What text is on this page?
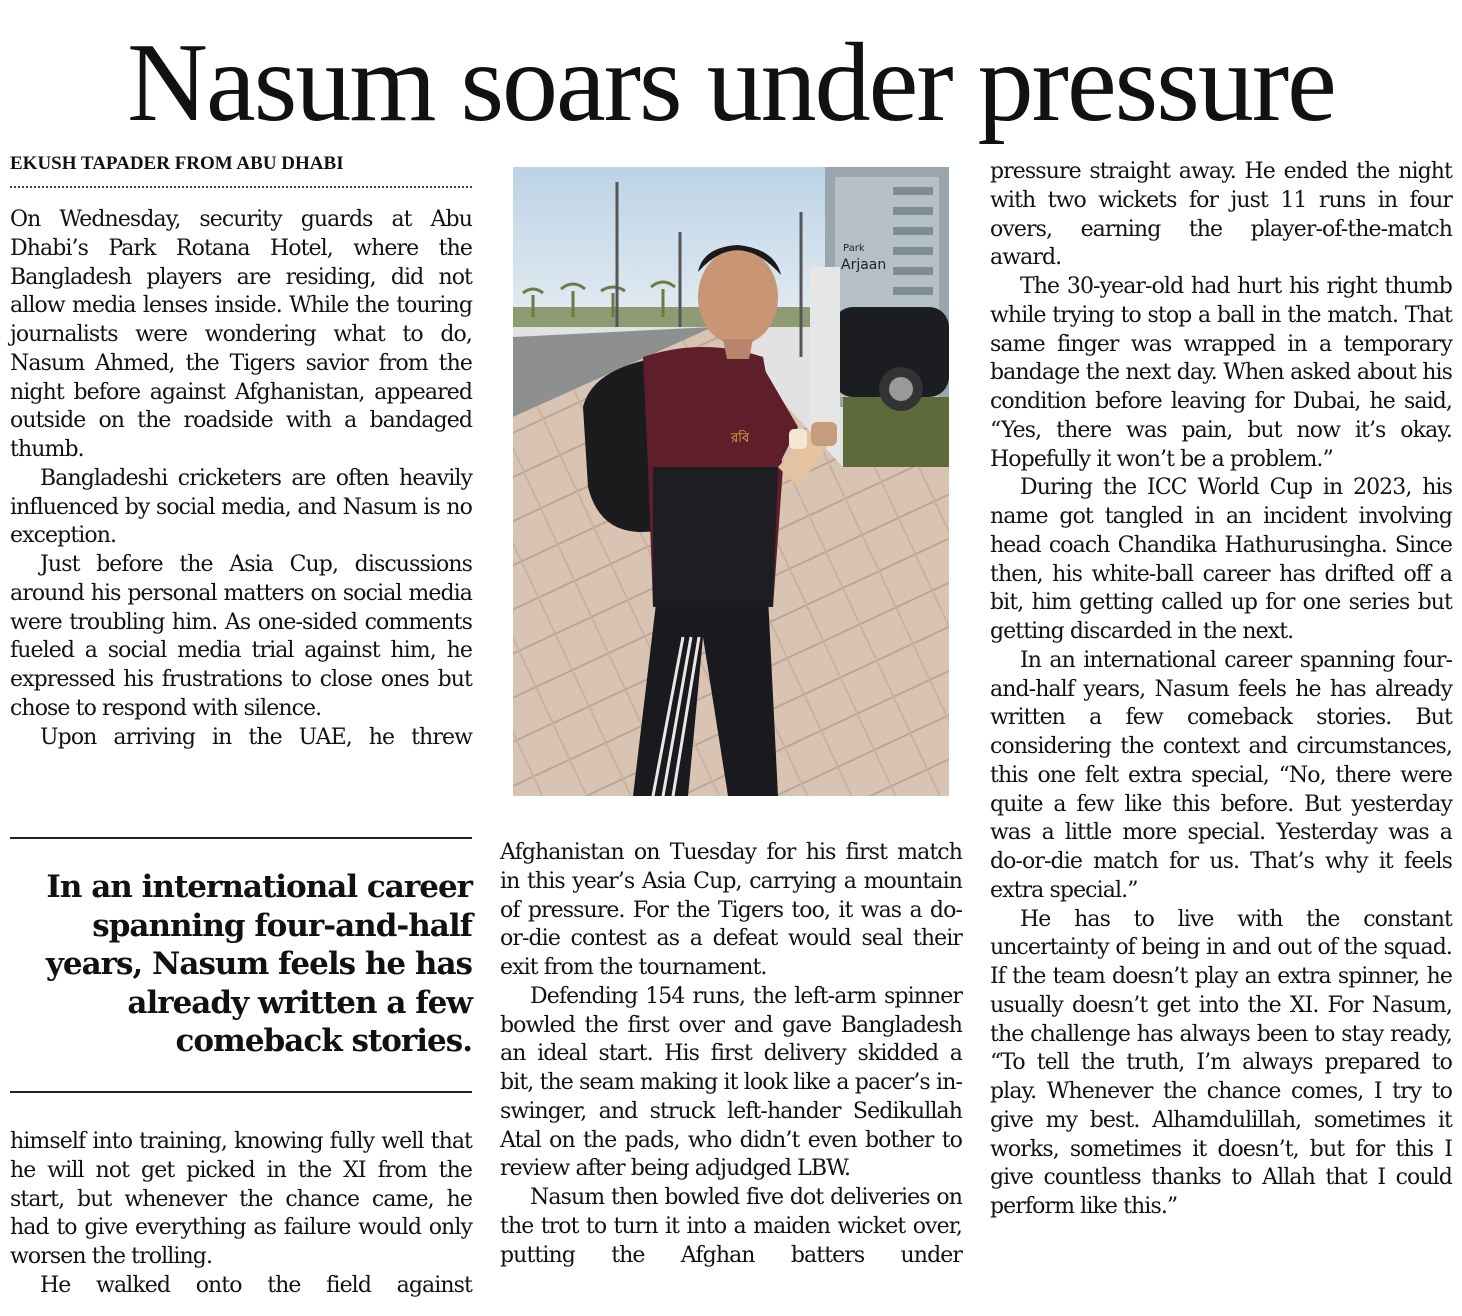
Nasum soars under pressure
EKUSH TAPADER FROM ABU DHABI

On Wednesday, security guards at Abu Dhabi’s Park Rotana Hotel, where the Bangladesh players are residing, did not allow media lenses inside. While the touring journalists were wondering what to do, Nasum Ahmed, the Tigers savior from the night before against Afghanistan, appeared outside on the roadside with a bandaged thumb.

Bangladeshi cricketers are often heavily influenced by social media, and Nasum is no exception.

Just before the Asia Cup, discussions around his personal matters on social media were troubling him. As one-sided comments fueled a social media trial against him, he expressed his frustrations to close ones but chose to respond with silence.

Upon arriving in the UAE, he threw

In an international career spanning four-and-half years, Nasum feels he has already written a few comeback stories.

himself into training, knowing fully well that he will not get picked in the XI from the start, but whenever the chance came, he had to give everything as failure would only worsen the trolling.

He walked onto the field against

Afghanistan on Tuesday for his first match in this year’s Asia Cup, carrying a mountain of pressure. For the Tigers too, it was a do-or-die contest as a defeat would seal their exit from the tournament.

Defending 154 runs, the left-arm spinner bowled the first over and gave Bangladesh an ideal start. His first delivery skidded a bit, the seam making it look like a pacer’s in-swinger, and struck left-hander Sedikullah Atal on the pads, who didn’t even bother to review after being adjudged LBW.

Nasum then bowled five dot deliveries on the trot to turn it into a maiden wicket over, putting the Afghan batters under

pressure straight away. He ended the night with two wickets for just 11 runs in four overs, earning the player-of-the-match award.

The 30-year-old had hurt his right thumb while trying to stop a ball in the match. That same finger was wrapped in a temporary bandage the next day. When asked about his condition before leaving for Dubai, he said, “Yes, there was pain, but now it’s okay. Hopefully it won’t be a problem.”

During the ICC World Cup in 2023, his name got tangled in an incident involving head coach Chandika Hathurusingha. Since then, his white-ball career has drifted off a bit, him getting called up for one series but getting discarded in the next.

In an international career spanning four-and-half years, Nasum feels he has already written a few comeback stories. But considering the context and circumstances, this one felt extra special, “No, there were quite a few like this before. But yesterday was a little more special. Yesterday was a do-or-die match for us. That’s why it feels extra special.”

He has to live with the constant uncertainty of being in and out of the squad. If the team doesn’t play an extra spinner, he usually doesn’t get into the XI. For Nasum, the challenge has always been to stay ready, “To tell the truth, I’m always prepared to play. Whenever the chance comes, I try to give my best. Alhamdulillah, sometimes it works, sometimes it doesn’t, but for this I give countless thanks to Allah that I could perform like this.”

Park
Arjaan
রবি
